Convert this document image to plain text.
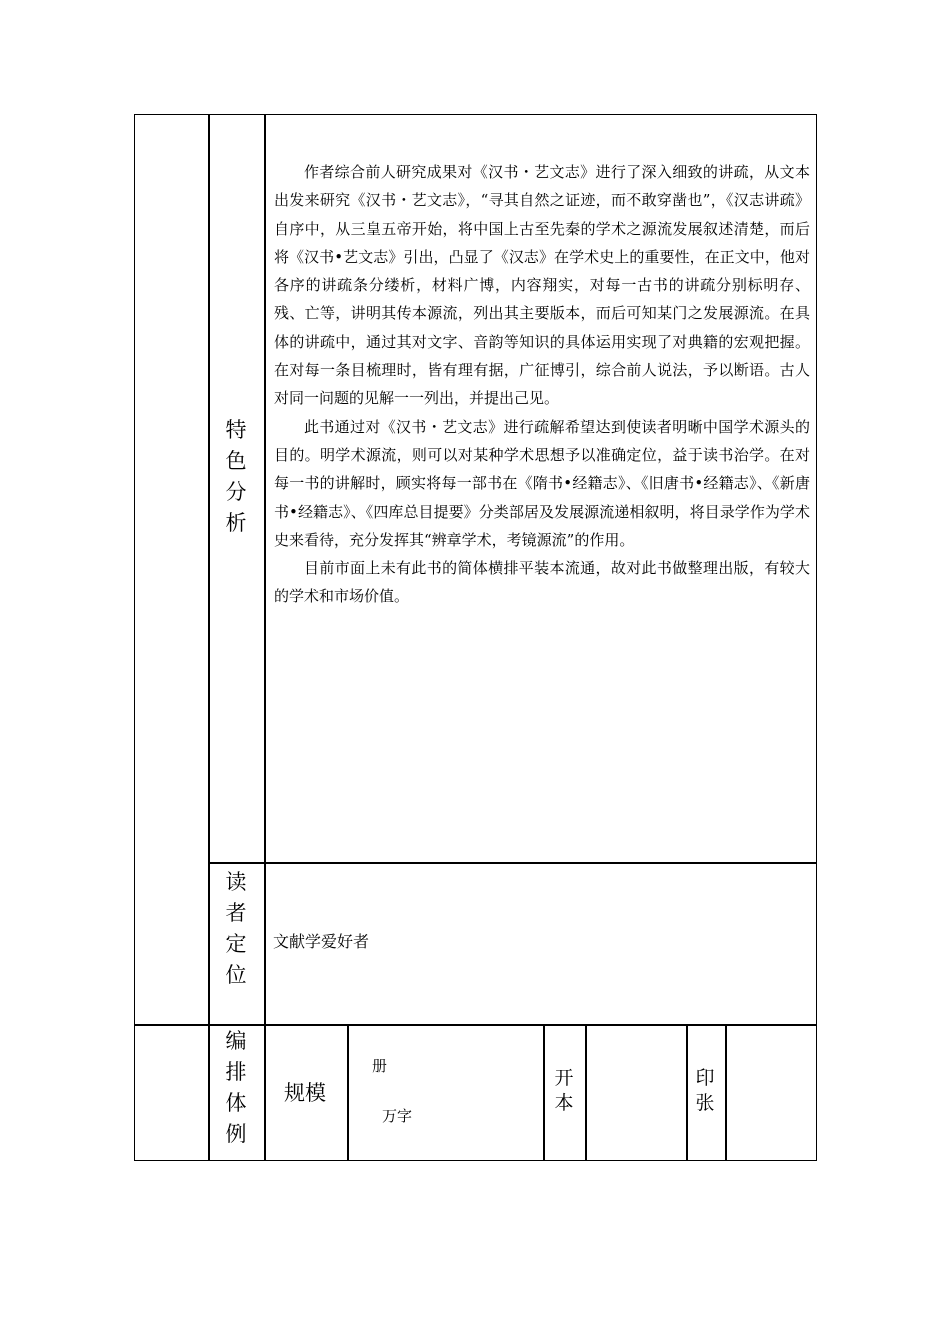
特
色
分
析

作者综合前人研究成果对《汉书・艺文志》进行了深入细致的讲疏，从文本出发来研究《汉书・艺文志》，“寻其自然之证迹，而不敢穿凿也”，《汉志讲疏》自序中，从三皇五帝开始，将中国上古至先秦的学术之源流发展叙述清楚，而后将《汉书•艺文志》引出，凸显了《汉志》在学术史上的重要性，在正文中，他对各序的讲疏条分缕析，材料广博，内容翔实，对每一古书的讲疏分别标明存、残、亡等，讲明其传本源流，列出其主要版本，而后可知某门之发展源流。在具体的讲疏中，通过其对文字、音韵等知识的具体运用实现了对典籍的宏观把握。在对每一条目梳理时，皆有理有据，广征博引，综合前人说法，予以断语。古人对同一问题的见解一一列出，并提出己见。

此书通过对《汉书・艺文志》进行疏解希望达到使读者明晰中国学术源头的目的。明学术源流，则可以对某种学术思想予以准确定位，益于读书治学。在对每一书的讲解时，顾实将每一部书在《隋书•经籍志》、《旧唐书•经籍志》、《新唐书•经籍志》、《四库总目提要》分类部居及发展源流递相叙明，将目录学作为学术史来看待，充分发挥其“辨章学术，考镜源流”的作用。

目前市面上未有此书的简体横排平装本流通，故对此书做整理出版，有较大的学术和市场价值。

读
者
定
位
文献学爱好者
编
排
体
例
规模
册
万字
开
本
印
张
